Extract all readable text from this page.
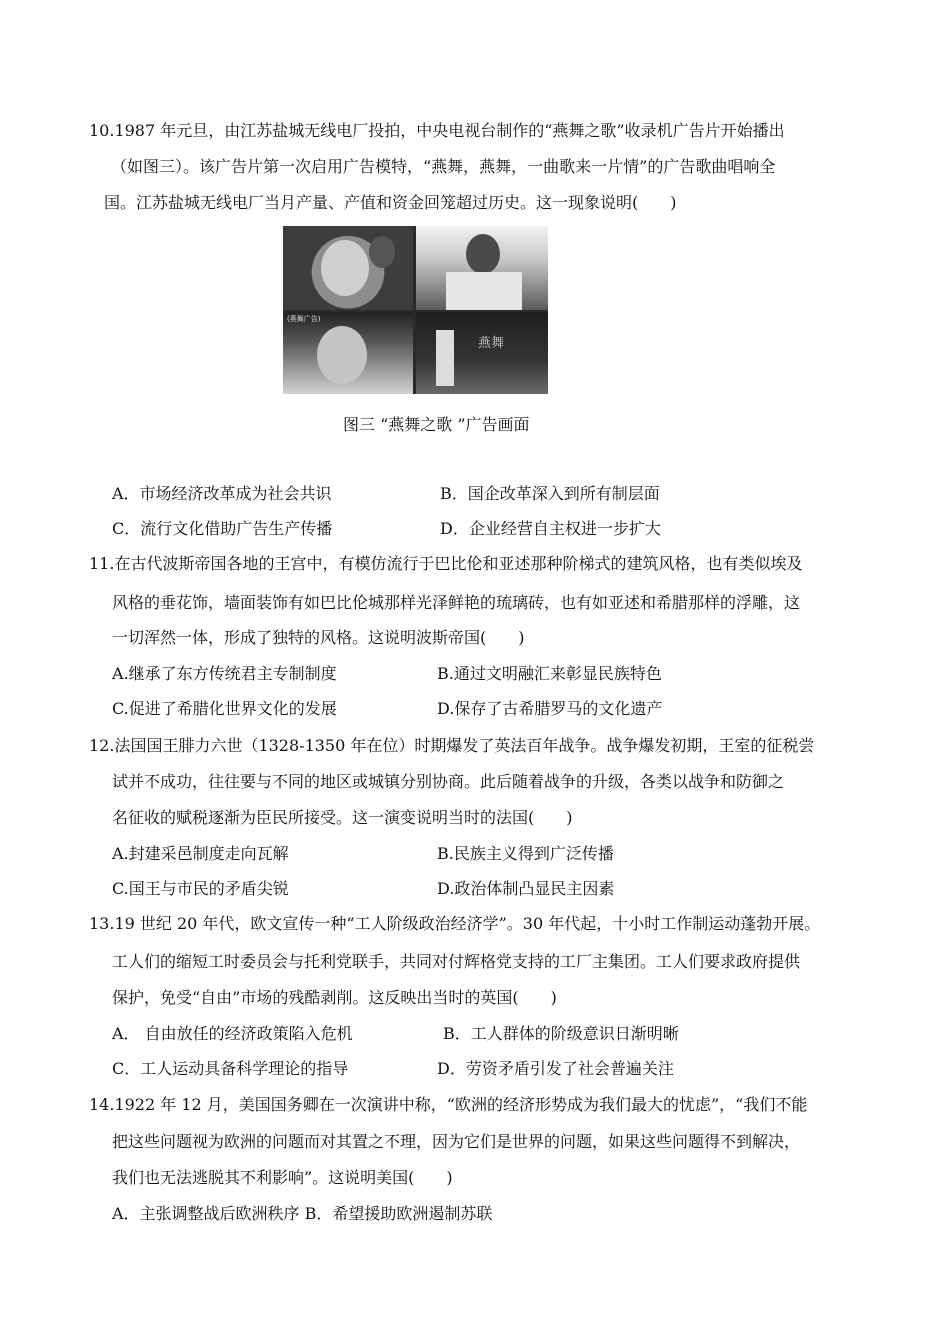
10.1987 年元旦，由江苏盐城无线电厂投拍，中央电视台制作的“燕舞之歌”收录机广告片开始播出
（如图三）。该广告片第一次启用广告模特，“燕舞，燕舞，一曲歌来一片情”的广告歌曲唱响全
国。江苏盐城无线电厂当月产量、产值和资金回笼超过历史。这一现象说明(　　)
(燕舞广告)
燕舞
图三 “燕舞之歌 ”广告画面
A．市场经济改革成为社会共识	B．国企改革深入到所有制层面
C．流行文化借助广告生产传播	D．企业经营自主权进一步扩大
11.在古代波斯帝国各地的王宫中，有模仿流行于巴比伦和亚述那种阶梯式的建筑风格，也有类似埃及
风格的垂花饰，墙面装饰有如巴比伦城那样光泽鲜艳的琉璃砖，也有如亚述和希腊那样的浮雕，这
一切浑然一体，形成了独特的风格。这说明波斯帝国(　　)
A.继承了东方传统君主专制制度	B.通过文明融汇来彰显民族特色
C.促进了希腊化世界文化的发展	D.保存了古希腊罗马的文化遗产
12.法国国王腓力六世（1328-1350 年在位）时期爆发了英法百年战争。战争爆发初期，王室的征税尝
试并不成功，往往要与不同的地区或城镇分别协商。此后随着战争的升级，各类以战争和防御之
名征收的赋税逐渐为臣民所接受。这一演变说明当时的法国(　　)
A.封建采邑制度走向瓦解	B.民族主义得到广泛传播
C.国王与市民的矛盾尖锐	D.政治体制凸显民主因素
13.19 世纪 20 年代，欧文宣传一种“工人阶级政治经济学”。30 年代起，十小时工作制运动蓬勃开展。
工人们的缩短工时委员会与托利党联手，共同对付辉格党支持的工厂主集团。工人们要求政府提供
保护，免受“自由”市场的残酷剥削。这反映出当时的英国(　　)
A． 自由放任的经济政策陷入危机	B．工人群体的阶级意识日渐明晰
C．工人运动具备科学理论的指导	D．劳资矛盾引发了社会普遍关注
14.1922 年 12 月，美国国务卿在一次演讲中称，“欧洲的经济形势成为我们最大的忧虑”，“我们不能
把这些问题视为欧洲的问题而对其置之不理，因为它们是世界的问题，如果这些问题得不到解决，
我们也无法逃脱其不利影响”。这说明美国(　　)
A．主张调整战后欧洲秩序 B．希望援助欧洲遏制苏联
